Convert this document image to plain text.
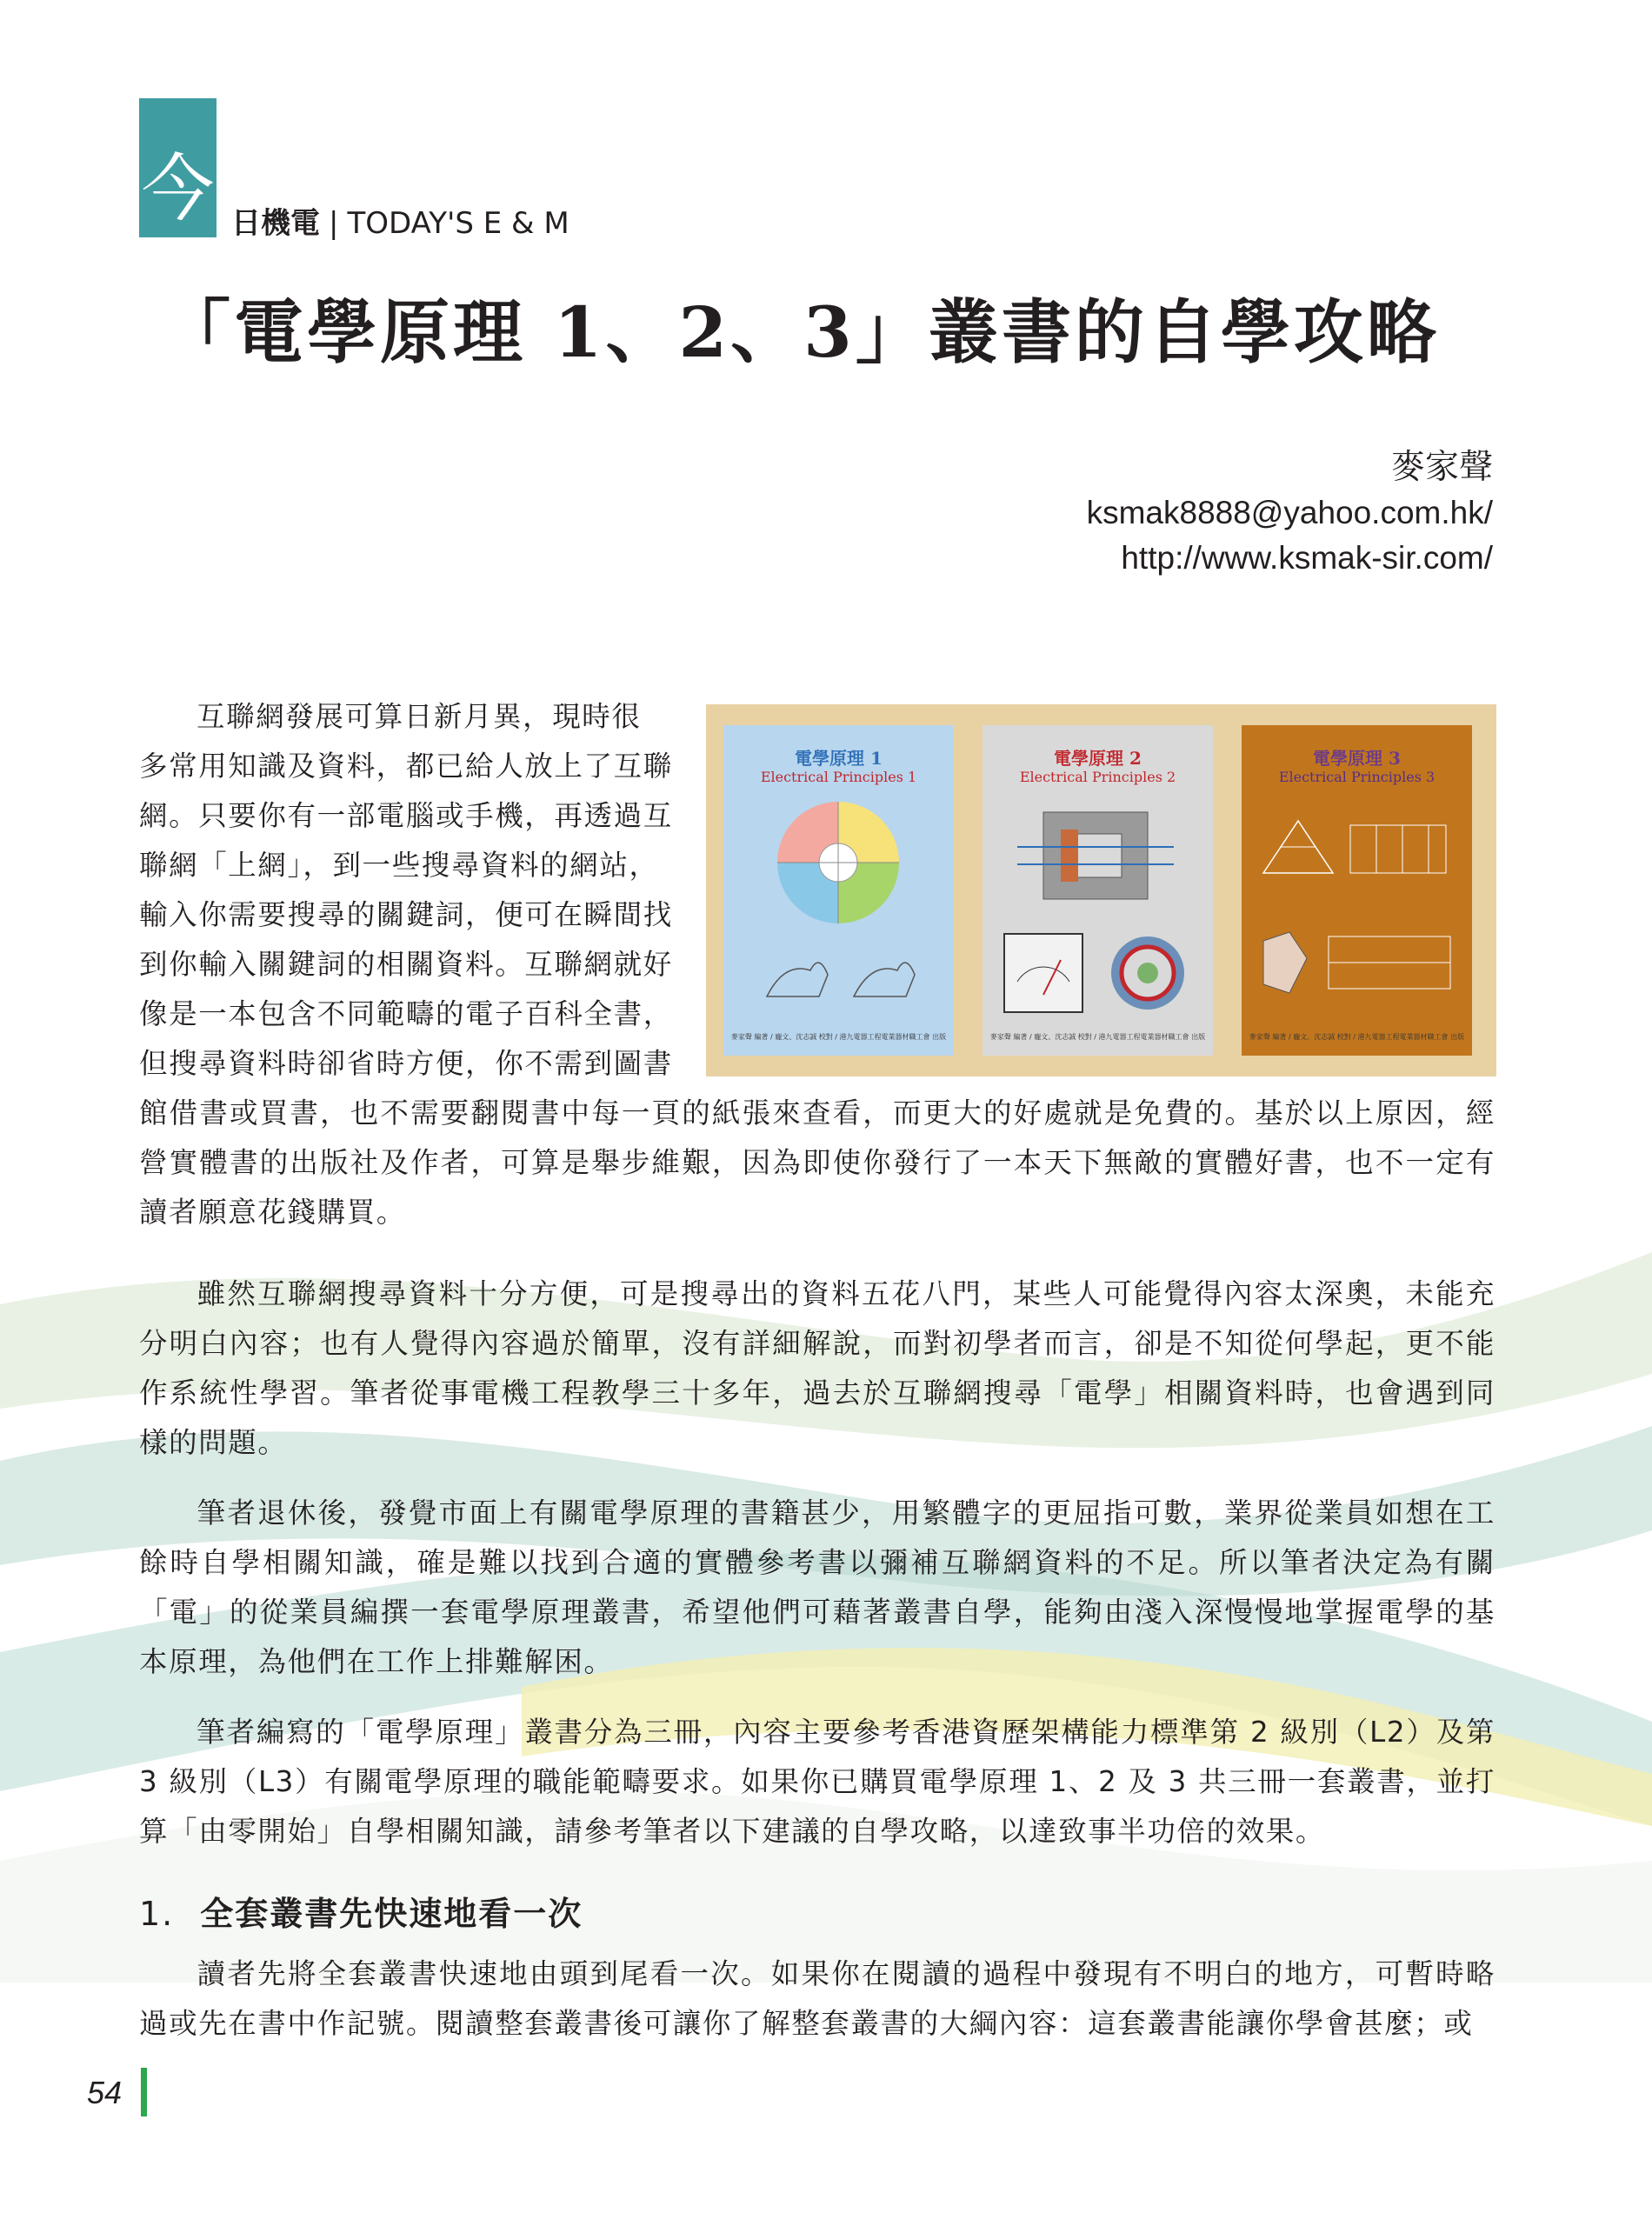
今 日機電 | TODAY'S E & M
「電學原理 1、2、3」叢書的自學攻略
麥家聲
ksmak8888@yahoo.com.hk/
http://www.ksmak-sir.com/
互聯網發展可算日新月異，現時很
多常用知識及資料，都已給人放上了互聯
網。只要你有一部電腦或手機，再透過互
聯網「上網」，到一些搜尋資料的網站，
輸入你需要搜尋的關鍵詞，便可在瞬間找
到你輸入關鍵詞的相關資料。互聯網就好
像是一本包含不同範疇的電子百科全書，
但搜尋資料時卻省時方便，你不需到圖書
電學原理 1
Electrical Principles 1
麥家聲 編著 / 龐文、沈志誠 校對 / 港九電器工程電業器材職工會 出版
電學原理 2
Electrical Principles 2
麥家聲 編著 / 龐文、沈志誠 校對 / 港九電器工程電業器材職工會 出版
電學原理 3
Electrical Principles 3
麥家聲 編著 / 龐文、沈志誠 校對 / 港九電器工程電業器材職工會 出版
館借書或買書，也不需要翻閱書中每一頁的紙張來查看，而更大的好處就是免費的。基於以上原因，經營實體書的出版社及作者，可算是舉步維艱，因為即使你發行了一本天下無敵的實體好書，也不一定有讀者願意花錢購買。
雖然互聯網搜尋資料十分方便，可是搜尋出的資料五花八門，某些人可能覺得內容太深奧，未能充分明白內容；也有人覺得內容過於簡單，沒有詳細解說，而對初學者而言，卻是不知從何學起，更不能作系統性學習。筆者從事電機工程教學三十多年，過去於互聯網搜尋「電學」相關資料時，也會遇到同樣的問題。
筆者退休後，發覺市面上有關電學原理的書籍甚少，用繁體字的更屈指可數，業界從業員如想在工餘時自學相關知識，確是難以找到合適的實體參考書以彌補互聯網資料的不足。所以筆者決定為有關「電」的從業員編撰一套電學原理叢書，希望他們可藉著叢書自學，能夠由淺入深慢慢地掌握電學的基本原理，為他們在工作上排難解困。
筆者編寫的「電學原理」叢書分為三冊，內容主要參考香港資歷架構能力標準第 2 級別（L2）及第 3 級別（L3）有關電學原理的職能範疇要求。如果你已購買電學原理 1、2 及 3 共三冊一套叢書，並打算「由零開始」自學相關知識，請參考筆者以下建議的自學攻略，以達致事半功倍的效果。
1. 全套叢書先快速地看一次
讀者先將全套叢書快速地由頭到尾看一次。如果你在閱讀的過程中發現有不明白的地方，可暫時略過或先在書中作記號。閱讀整套叢書後可讓你了解整套叢書的大綱內容：這套叢書能讓你學會甚麼；或
54
